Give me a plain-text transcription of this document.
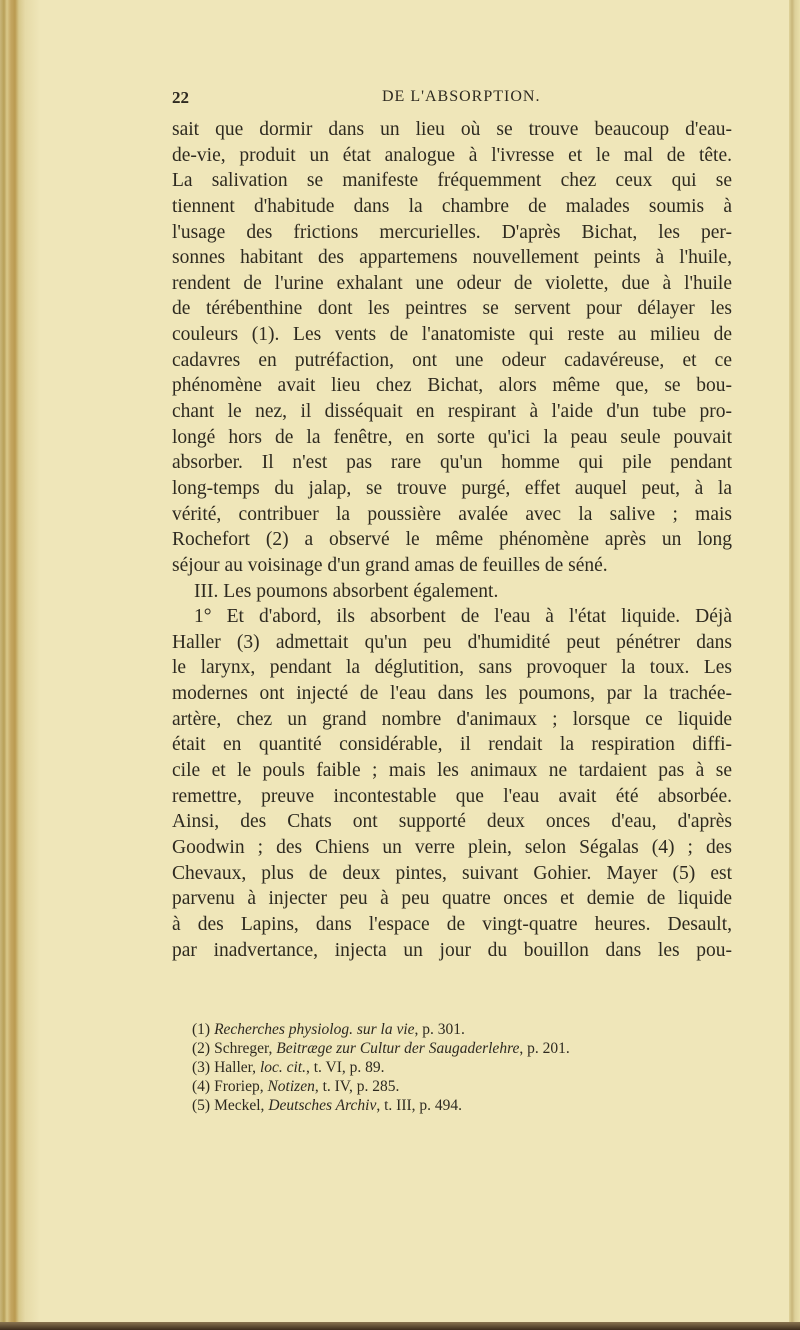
22	DE L'ABSORPTION.
sait que dormir dans un lieu où se trouve beaucoup d'eau-
de-vie, produit un état analogue à l'ivresse et le mal de tête.
La salivation se manifeste fréquemment chez ceux qui se
tiennent d'habitude dans la chambre de malades soumis à
l'usage des frictions mercurielles. D'après Bichat, les per-
sonnes habitant des appartemens nouvellement peints à l'huile,
rendent de l'urine exhalant une odeur de violette, due à l'huile
de térébenthine dont les peintres se servent pour délayer les
couleurs (1). Les vents de l'anatomiste qui reste au milieu de
cadavres en putréfaction, ont une odeur cadavéreuse, et ce
phénomène avait lieu chez Bichat, alors même que, se bou-
chant le nez, il disséquait en respirant à l'aide d'un tube pro-
longé hors de la fenêtre, en sorte qu'ici la peau seule pouvait
absorber. Il n'est pas rare qu'un homme qui pile pendant
long-temps du jalap, se trouve purgé, effet auquel peut, à la
vérité, contribuer la poussière avalée avec la salive ; mais
Rochefort (2) a observé le même phénomène après un long
séjour au voisinage d'un grand amas de feuilles de séné.
III. Les poumons absorbent également.
1° Et d'abord, ils absorbent de l'eau à l'état liquide. Déjà
Haller (3) admettait qu'un peu d'humidité peut pénétrer dans
le larynx, pendant la déglutition, sans provoquer la toux. Les
modernes ont injecté de l'eau dans les poumons, par la trachée-
artère, chez un grand nombre d'animaux ; lorsque ce liquide
était en quantité considérable, il rendait la respiration diffi-
cile et le pouls faible ; mais les animaux ne tardaient pas à se
remettre, preuve incontestable que l'eau avait été absorbée.
Ainsi, des Chats ont supporté deux onces d'eau, d'après
Goodwin ; des Chiens un verre plein, selon Ségalas (4) ; des
Chevaux, plus de deux pintes, suivant Gohier. Mayer (5) est
parvenu à injecter peu à peu quatre onces et demie de liquide
à des Lapins, dans l'espace de vingt-quatre heures. Desault,
par inadvertance, injecta un jour du bouillon dans les pou-
(1) Recherches physiolog. sur la vie, p. 301.
(2) Schreger, Beitræge zur Cultur der Saugaderlehre, p. 201.
(3) Haller, loc. cit., t. VI, p. 89.
(4) Froriep, Notizen, t. IV, p. 285.
(5) Meckel, Deutsches Archiv, t. III, p. 494.
